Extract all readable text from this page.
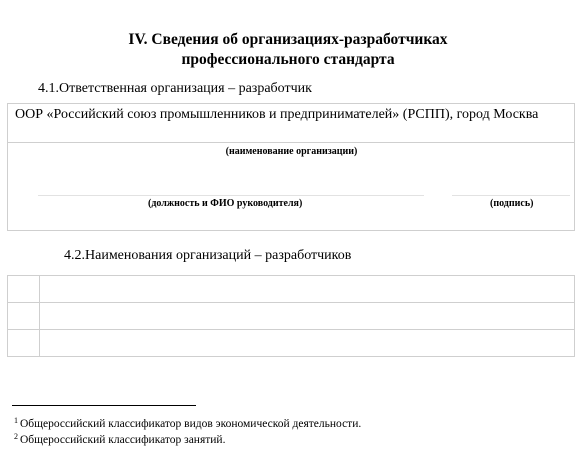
IV. Сведения об организациях-разработчиках
профессионального стандарта
4.1.Ответственная организация – разработчик
ООР «Российский союз промышленников и предпринимателей» (РСПП), город Москва
(наименование организации)
(должность и ФИО руководителя)	(подпись)
4.2.Наименования организаций – разработчиков

$^1$ Общероссийский классификатор видов экономической деятельности.
$^2$ Общероссийский классификатор занятий.
